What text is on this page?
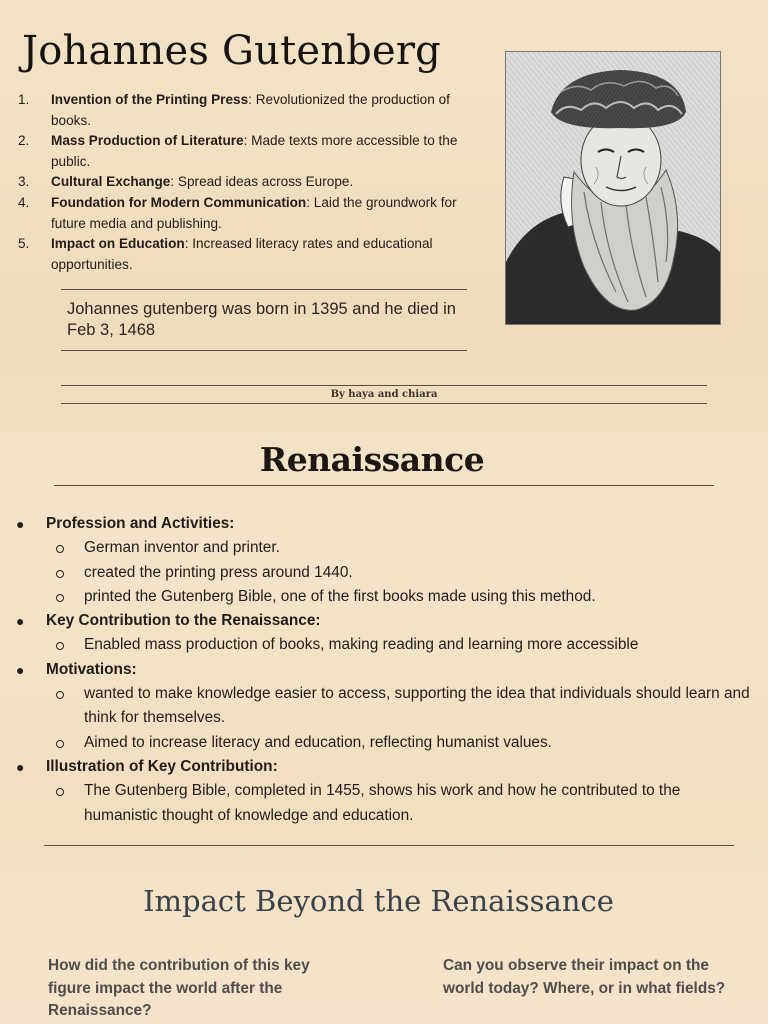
Johannes Gutenberg
1. Invention of the Printing Press: Revolutionized the production of books.
2. Mass Production of Literature: Made texts more accessible to the public.
3. Cultural Exchange: Spread ideas across Europe.
4. Foundation for Modern Communication: Laid the groundwork for future media and publishing.
5. Impact on Education: Increased literacy rates and educational opportunities.

Johannes gutenberg was born in 1395 and he died in Feb 3, 1468

By haya and chiara
Renaissance
● Profession and Activities:
German inventor and printer.
created the printing press around 1440.
printed the Gutenberg Bible, one of the first books made using this method.
● Key Contribution to the Renaissance:
Enabled mass production of books, making reading and learning more accessible
● Motivations:
wanted to make knowledge easier to access, supporting the idea that individuals should learn and think for themselves.
Aimed to increase literacy and education, reflecting humanist values.
● Illustration of Key Contribution:
The Gutenberg Bible, completed in 1455, shows his work and how he contributed to the humanistic thought of knowledge and education.
Impact Beyond the Renaissance

How did the contribution of this key figure impact the world after the Renaissance?

Can you observe their impact on the world today? Where, or in what fields?
